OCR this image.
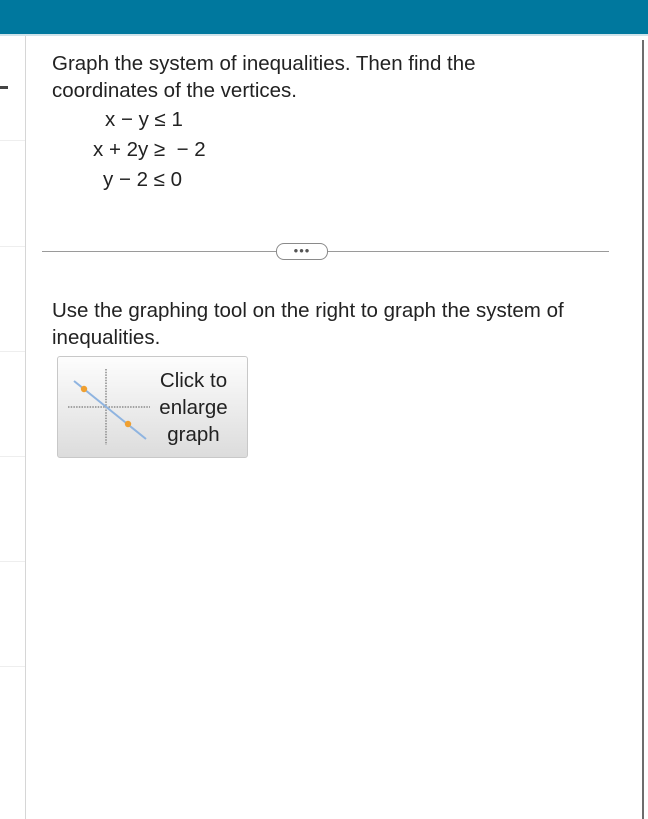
Graph the system of inequalities. Then find the coordinates of the vertices.
x − y ≤ 1
x + 2y ≥  − 2
y − 2 ≤ 0
•••
Use the graphing tool on the right to graph the system of inequalities.
Click to enlarge graph
